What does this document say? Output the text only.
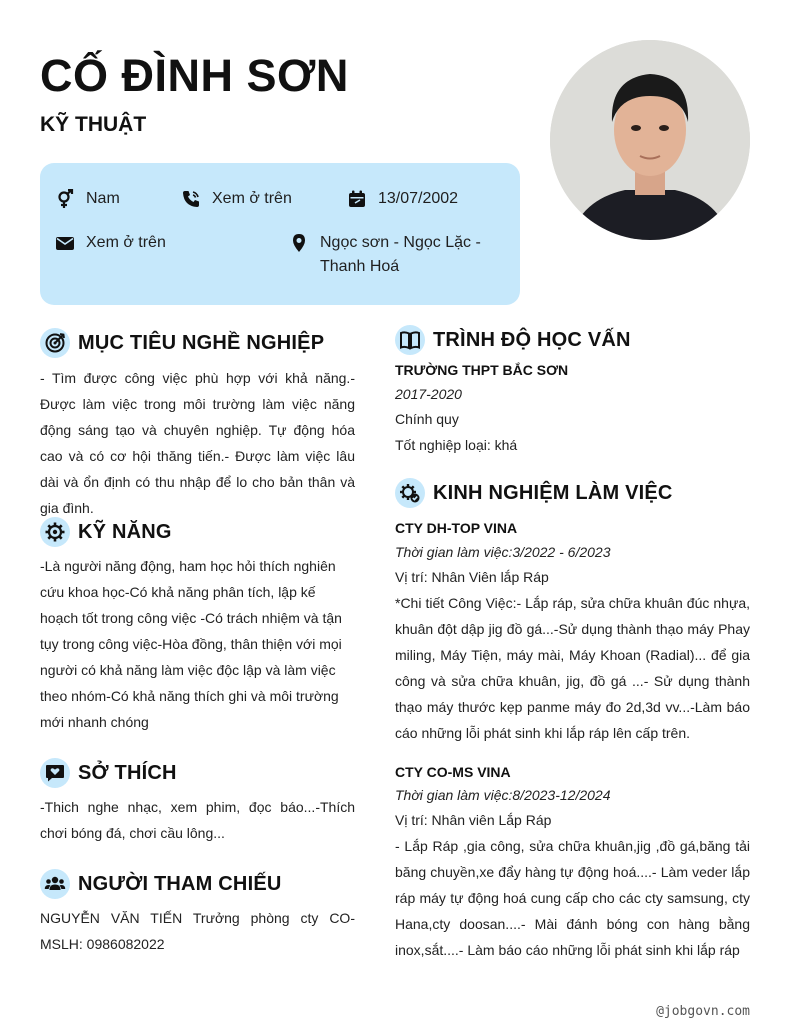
CỐ ĐÌNH SƠN
KỸ THUẬT
Nam	Xem ở trên	13/07/2002
Xem ở trên	Ngọc sơn - Ngọc Lặc - Thanh Hoá
MỤC TIÊU NGHỀ NGHIỆP

- Tìm được công việc phù hợp với khả năng.- Được làm việc trong môi trường làm việc năng động sáng tạo và chuyên nghiệp. Tự động hóa cao và có cơ hội thăng tiến.- Được làm việc lâu dài và ổn định có thu nhập để lo cho bản thân và gia đình.

KỸ NĂNG

-Là người năng động, ham học hỏi thích nghiên cứu khoa học-Có khả năng phân tích, lập kế hoạch tốt trong công việc -Có trách nhiệm và tận tụy trong công việc-Hòa đồng, thân thiện với mọi người có khả năng làm việc độc lập và làm việc theo nhóm-Có khả năng thích ghi và môi trường mới nhanh chóng

SỞ THÍCH

-Thich nghe nhạc, xem phim, đọc báo...-Thích chơi bóng đá, chơi cầu lông...

NGƯỜI THAM CHIẾU

NGUYỄN VĂN TIẾN Trưởng phòng cty CO-MSLH: 0986082022

TRÌNH ĐỘ HỌC VẤN
TRƯỜNG THPT BẮC SƠN
2017-2020
Chính quy
Tốt nghiệp loại: khá
KINH NGHIỆM LÀM VIỆC
CTY DH-TOP VINA
Thời gian làm việc:3/2022 - 6/2023
Vị trí: Nhân Viên lắp Ráp

*Chi tiết Công Việc:- Lắp ráp, sửa chữa khuân đúc nhựa, khuân đột dập jig đồ gá...-Sử dụng thành thạo máy Phay miling, Máy Tiện, máy mài, Máy Khoan (Radial)... để gia công và sửa chữa khuân, jig, đồ gá ...- Sử dụng thành thạo máy thước kẹp panme máy đo 2d,3d vv...-Làm báo cáo những lỗi phát sinh khi lắp ráp lên cấp trên.

CTY CO-MS VINA
Thời gian làm việc:8/2023-12/2024
Vị trí: Nhân viên Lắp Ráp

- Lắp Ráp ,gia công, sửa chữa khuân,jig ,đồ gá,băng tải băng chuyền,xe đẩy hàng tự động hoá....- Làm veder lắp ráp máy tự động hoá cung cấp cho các cty samsung, cty Hana,cty doosan....- Mài đánh bóng con hàng bằng inox,sắt....- Làm báo cáo những lỗi phát sinh khi lắp ráp

@jobgovn.com
